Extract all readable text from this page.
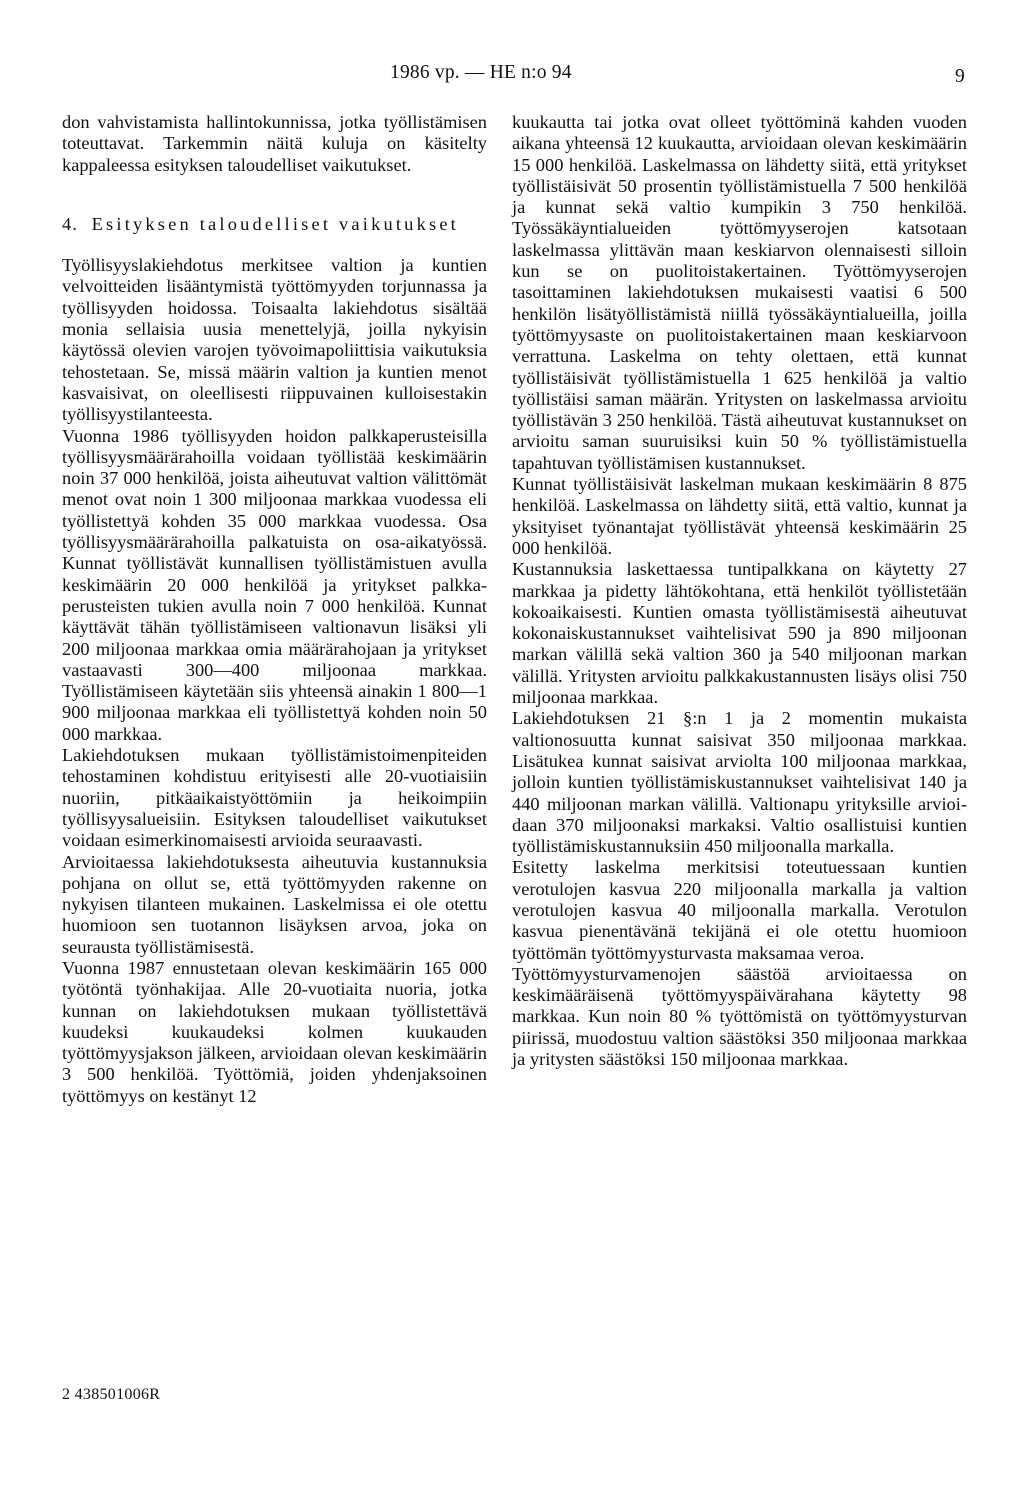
1986 vp. — HE n:o 94	9

don vahvistamista hallintokunnissa, jotka työllistämisen toteuttavat. Tarkemmin näitä kuluja on käsitelty kappaleessa esityksen taloudelliset vaikutukset.

4. Esityksen taloudelliset vaikutukset

Työllisyyslakiehdotus merkitsee valtion ja kuntien velvoitteiden lisääntymistä työttömyyden torjunnassa ja työllisyyden hoidossa. Toisaalta lakiehdotus sisältää monia sellaisia uusia menettelyjä, joilla nykyisin käytössä olevien varojen työvoimapoliittisia vaikutuksia tehostetaan. Se, missä määrin valtion ja kuntien menot kasvaisivat, on oleellisesti riippuvainen kulloisestakin työllisyystilanteesta.

Vuonna 1986 työllisyyden hoidon palkkaperusteisilla työllisyysmäärärahoilla voidaan työllistää keskimäärin noin 37 000 henkilöä, joista aiheutuvat valtion välittömät menot ovat noin 1 300 miljoonaa markkaa vuodessa eli työllistettyä kohden 35 000 markkaa vuodessa. Osa työllisyysmäärärahoilla palkatuista on osa-aikatyössä. Kunnat työllistävät kunnallisen työllistämistuen avulla keskimäärin 20 000 henkilöä ja yritykset palkkaperusteisten tukien avulla noin 7 000 henkilöä. Kunnat käyttävät tähän työllistämiseen valtionavun lisäksi yli 200 miljoonaa markkaa omia määrärahojaan ja yritykset vastaavasti 300—400 miljoonaa markkaa. Työllistämiseen käytetään siis yhteensä ainakin 1 800—1 900 miljoonaa markkaa eli työllistettyä kohden noin 50 000 markkaa.

Lakiehdotuksen mukaan työllistämistoimenpiteiden tehostaminen kohdistuu erityisesti alle 20-vuotiaisiin nuoriin, pitkäaikaistyöttömiin ja heikoimpiin työllisyysalueisiin. Esityksen taloudelliset vaikutukset voidaan esimerkinomaisesti arvioida seuraavasti.

Arvioitaessa lakiehdotuksesta aiheutuvia kustannuksia pohjana on ollut se, että työttömyyden rakenne on nykyisen tilanteen mukainen. Laskelmissa ei ole otettu huomioon sen tuotannon lisäyksen arvoa, joka on seurausta työllistämisestä.

Vuonna 1987 ennustetaan olevan keskimäärin 165 000 työtöntä työnhakijaa. Alle 20-vuotiaita nuoria, jotka kunnan on lakiehdotuksen mukaan työllistettävä kuudeksi kuukaudeksi kolmen kuukauden työttömyysjakson jälkeen, arvioidaan olevan keskimäärin 3 500 henkilöä. Työttömiä, joiden yhdenjaksoinen työttömyys on kestänyt 12

kuukautta tai jotka ovat olleet työttöminä kahden vuoden aikana yhteensä 12 kuukautta, arvioidaan olevan keskimäärin 15 000 henkilöä. Laskelmassa on lähdetty siitä, että yritykset työllistäisivät 50 prosentin työllistämistuella 7 500 henkilöä ja kunnat sekä valtio kumpikin 3 750 henkilöä. Työssäkäyntialueiden työttömyyserojen katsotaan laskelmassa ylittävän maan keskiarvon olennaisesti silloin kun se on puolitoistakertainen. Työttömyyserojen tasoittaminen lakiehdotuksen mukaisesti vaatisi 6 500 henkilön lisätyöllistämistä niillä työssäkäyntialueilla, joilla työttömyysaste on puolitoistakertainen maan keskiarvoon verrattuna. Laskelma on tehty olettaen, että kunnat työllistäisivät työllistämistuella 1 625 henkilöä ja valtio työllistäisi saman määrän. Yritysten on laskelmassa arvioitu työllistävän 3 250 henkilöä. Tästä aiheutuvat kustannukset on arvioitu saman suuruisiksi kuin 50 % työllistämistuella tapahtuvan työllistämisen kustannukset.

Kunnat työllistäisivät laskelman mukaan keskimäärin 8 875 henkilöä. Laskelmassa on lähdetty siitä, että valtio, kunnat ja yksityiset työnantajat työllistävät yhteensä keskimäärin 25 000 henkilöä.

Kustannuksia laskettaessa tuntipalkkana on käytetty 27 markkaa ja pidetty lähtökohtana, että henkilöt työllistetään kokoaikaisesti. Kuntien omasta työllistämisestä aiheutuvat kokonaiskustannukset vaihtelisivat 590 ja 890 miljoonan markan välillä sekä valtion 360 ja 540 miljoonan markan välillä. Yritysten arvioitu palkkakustannusten lisäys olisi 750 miljoonaa markkaa.

Lakiehdotuksen 21 §:n 1 ja 2 momentin mukaista valtionosuutta kunnat saisivat 350 miljoonaa markkaa. Lisätukea kunnat saisivat arviolta 100 miljoonaa markkaa, jolloin kuntien työllistämiskustannukset vaihtelisivat 140 ja 440 miljoonan markan välillä. Valtionapu yrityksille arvioidaan 370 miljoonaksi markaksi. Valtio osallistuisi kuntien työllistämiskustannuksiin 450 miljoonalla markalla.

Esitetty laskelma merkitsisi toteutuessaan kuntien verotulojen kasvua 220 miljoonalla markalla ja valtion verotulojen kasvua 40 miljoonalla markalla. Verotulon kasvua pienentävänä tekijänä ei ole otettu huomioon työttömän työttömyysturvasta maksamaa veroa.

Työttömyysturvamenojen säästöä arvioitaessa on keskimääräisenä työttömyyspäivärahana käytetty 98 markkaa. Kun noin 80 % työttömistä on työttömyysturvan piirissä, muodostuu valtion säästöksi 350 miljoonaa markkaa ja yritysten säästöksi 150 miljoonaa markkaa.

2 438501006R
